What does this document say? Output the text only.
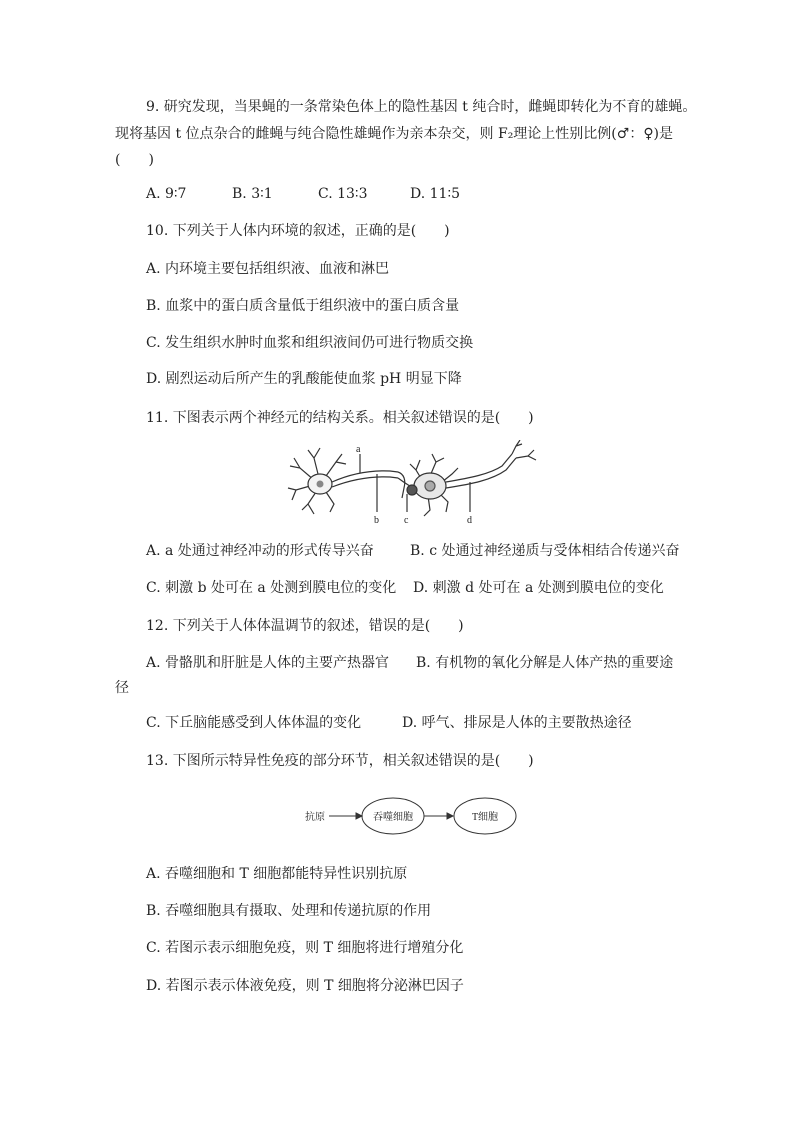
9. 研究发现，当果蝇的一条常染色体上的隐性基因 t 纯合时，雌蝇即转化为不育的雄蝇。
现将基因 t 位点杂合的雌蝇与纯合隐性雄蝇作为亲本杂交，则 F₂理论上性别比例(♂：♀)是
(　　)
A. 9∶7	B. 3∶1	C. 13∶3	D. 11∶5
10. 下列关于人体内环境的叙述，正确的是(　　)
A. 内环境主要包括组织液、血液和淋巴
B. 血浆中的蛋白质含量低于组织液中的蛋白质含量
C. 发生组织水肿时血浆和组织液间仍可进行物质交换
D. 剧烈运动后所产生的乳酸能使血浆 pH 明显下降
11. 下图表示两个神经元的结构关系。相关叙述错误的是(　　)
a
b	c	d
A. a 处通过神经冲动的形式传导兴奋	B. c 处通过神经递质与受体相结合传递兴奋
C. 刺激 b 处可在 a 处测到膜电位的变化 D. 刺激 d 处可在 a 处测到膜电位的变化
12. 下列关于人体体温调节的叙述，错误的是(　　)
A. 骨骼肌和肝脏是人体的主要产热器官 B. 有机物的氧化分解是人体产热的重要途
径
C. 下丘脑能感受到人体体温的变化	D. 呼气、排尿是人体的主要散热途径
13. 下图所示特异性免疫的部分环节，相关叙述错误的是(　　)
抗原	吞噬细胞	T细胞
A. 吞噬细胞和 T 细胞都能特异性识别抗原
B. 吞噬细胞具有摄取、处理和传递抗原的作用
C. 若图示表示细胞免疫，则 T 细胞将进行增殖分化
D. 若图示表示体液免疫，则 T 细胞将分泌淋巴因子
